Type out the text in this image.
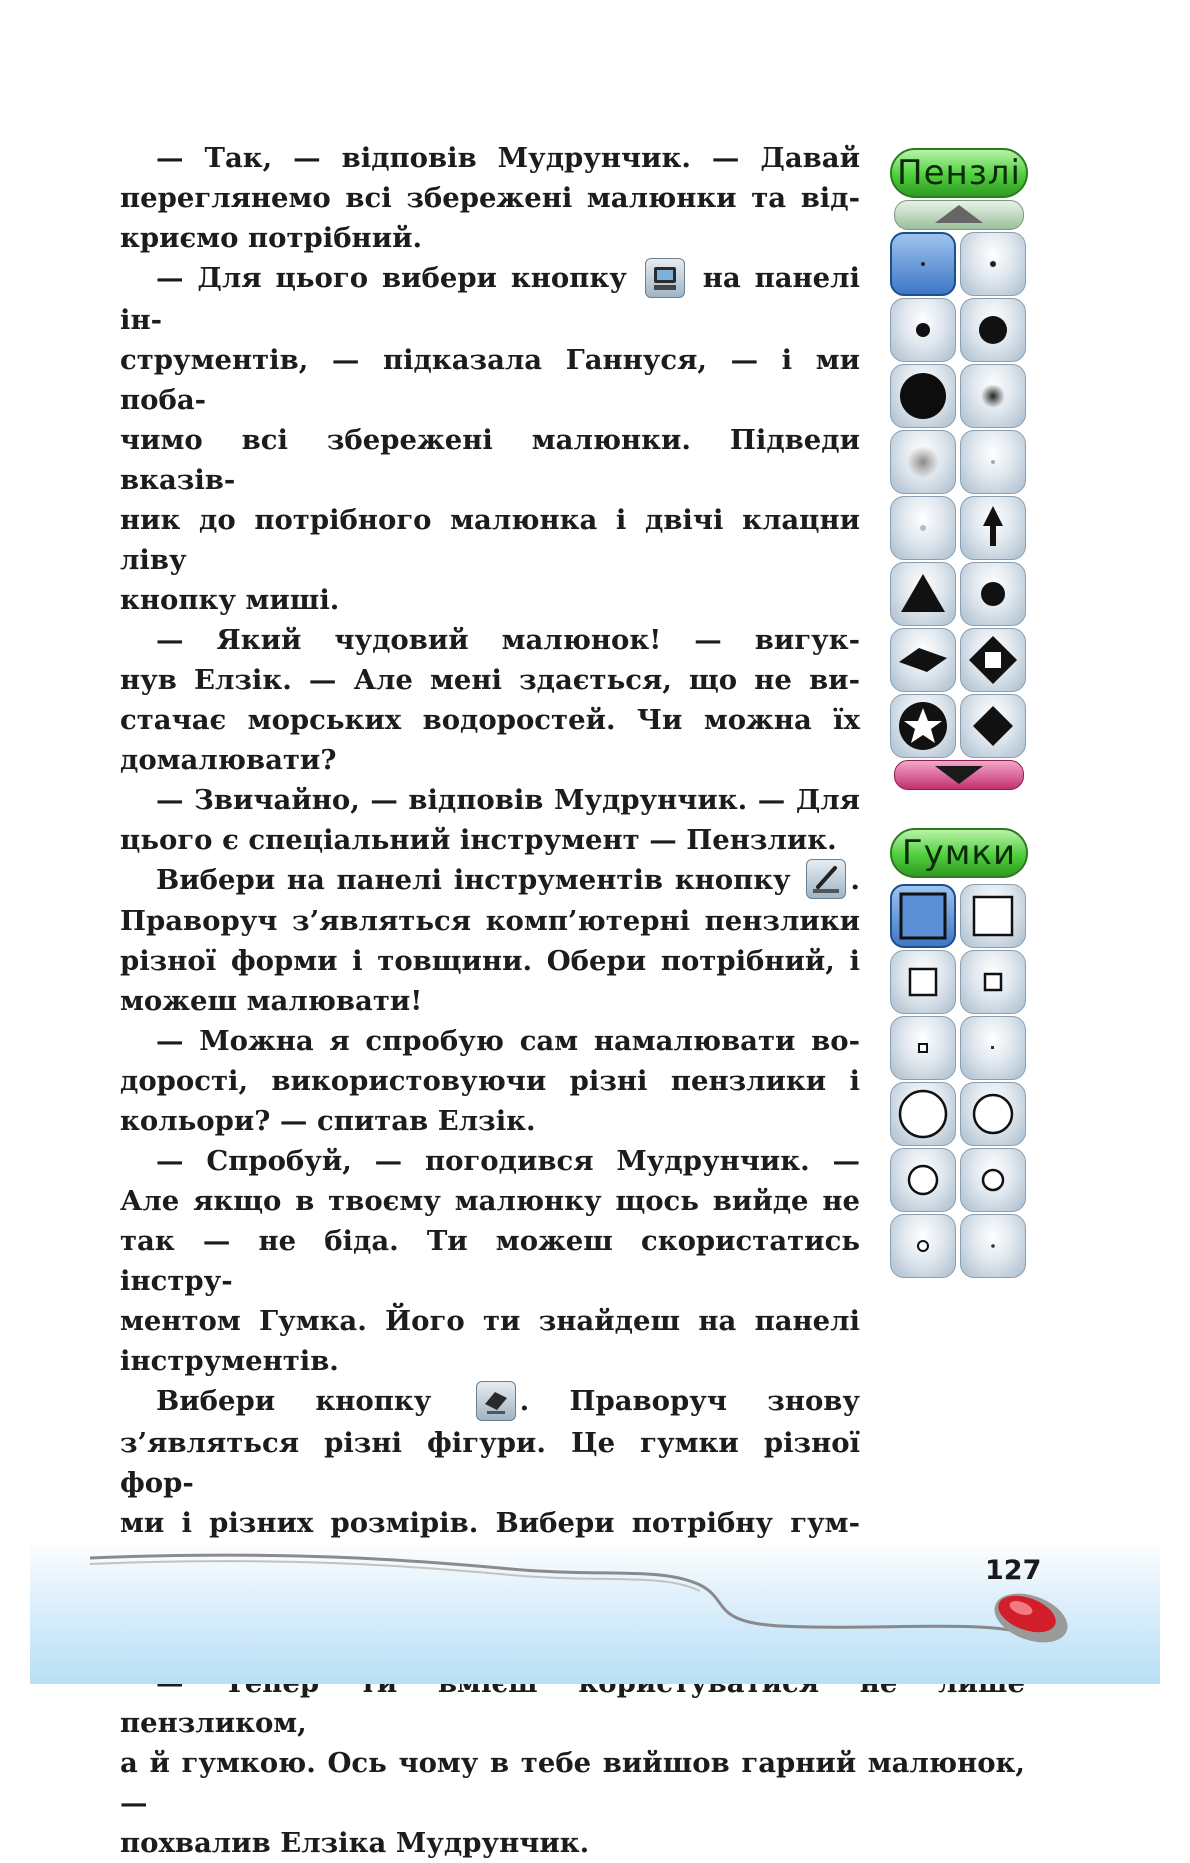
— Так, — відповів Мудрунчик. — Давай
переглянемо всі збережені малюнки та від-
криємо потрібний.

— Для цього вибери кнопку	на панелі ін-
струментів, — підказала Ганнуся, — і ми поба-
чимо всі збережені малюнки. Підведи вказів-
ник до потрібного малюнка і двічі клацни ліву
кнопку миші.

— Який чудовий малюнок! — вигук-
нув Елзік. — Але мені здається, що не ви-
стачає морських водоростей. Чи можна їх
домалювати?

— Звичайно, — відповів Мудрунчик. — Для
цього є спеціальний інструмент — Пензлик.

Вибери на панелі інструментів кнопку .
Праворуч з’являться комп’ютерні пензлики
різної форми і товщини. Обери потрібний, і
можеш малювати!

— Можна я спробую сам намалювати во-
дорості, використовуючи різні пензлики і
кольори? — спитав Елзік.

— Спробуй, — погодився Мудрунчик. —
Але якщо в твоєму малюнку щось вийде не
так — не біда. Ти можеш скористатись інстру-
ментом Гумка. Його ти знайдеш на панелі
інструментів.

Вибери кнопку	. Праворуч знову
з’являться різні фігури. Це гумки різної фор-
ми і різних розмірів. Вибери потрібну гум-

пензликом,
а й гумкою. Ось чому в тебе вийшов гарний малюнок, —
похвалив Елзіка Мудрунчик.

Пензлі
Гумки
127
